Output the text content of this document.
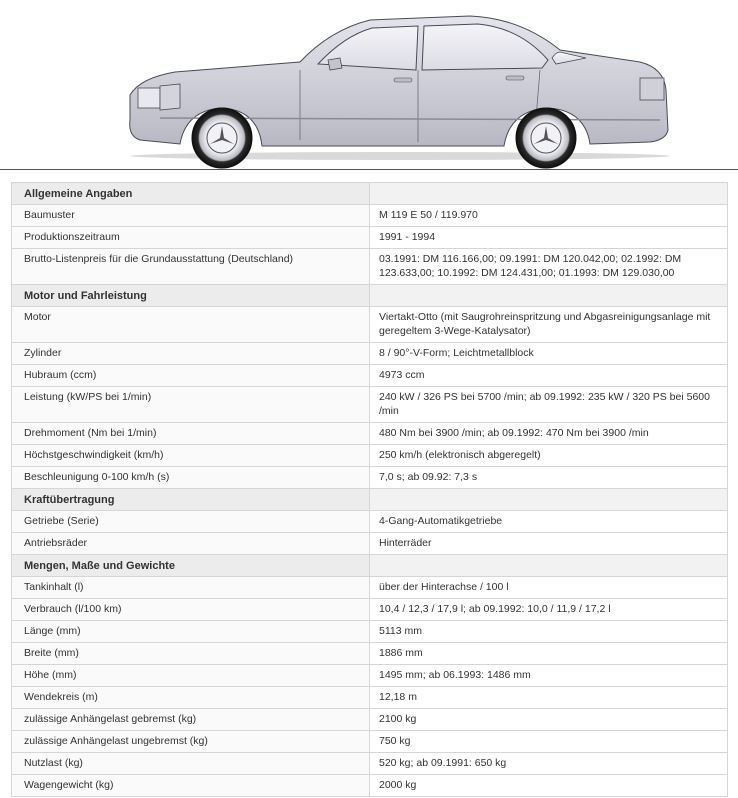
Allgemeine Angaben	
Baumuster	M 119 E 50 / 119.970
Produktionszeitraum	1991 - 1994
Brutto-Listenpreis für die Grundausstattung (Deutschland)	03.1991: DM 116.166,00; 09.1991: DM 120.042,00; 02.1992: DM 123.633,00; 10.1992: DM 124.431,00; 01.1993: DM 129.030,00
Motor und Fahrleistung	
Motor	Viertakt-Otto (mit Saugrohreinspritzung und Abgasreinigungsanlage mit geregeltem 3-Wege-Katalysator)
Zylinder	8 / 90°-V-Form; Leichtmetallblock
Hubraum (ccm)	4973 ccm
Leistung (kW/PS bei 1/min)	240 kW / 326 PS bei 5700 /min; ab 09.1992: 235 kW / 320 PS bei 5600 /min
Drehmoment (Nm bei 1/min)	480 Nm bei 3900 /min; ab 09.1992: 470 Nm bei 3900 /min
Höchstgeschwindigkeit (km/h)	250 km/h (elektronisch abgeregelt)
Beschleunigung 0-100 km/h (s)	7,0 s; ab 09.92: 7,3 s
Kraftübertragung	
Getriebe (Serie)	4-Gang-Automatikgetriebe
Antriebsräder	Hinterräder
Mengen, Maße und Gewichte	
Tankinhalt (l)	über der Hinterachse / 100 l
Verbrauch (l/100 km)	10,4 / 12,3 / 17,9 l; ab 09.1992: 10,0 / 11,9 / 17,2 l
Länge (mm)	5113 mm
Breite (mm)	1886 mm
Höhe (mm)	1495 mm; ab 06.1993: 1486 mm
Wendekreis (m)	12,18 m
zulässige Anhängelast gebremst (kg)	2100 kg
zulässige Anhängelast ungebremst (kg)	750 kg
Nutzlast (kg)	520 kg; ab 09.1991: 650 kg
Wagengewicht (kg)	2000 kg
